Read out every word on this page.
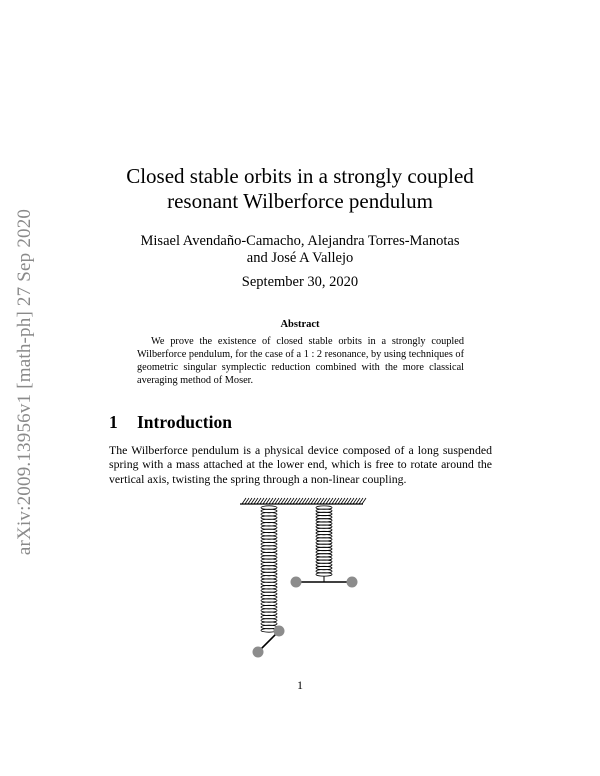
arXiv:2009.13956v1 [math-ph] 27 Sep 2020
Closed stable orbits in a strongly coupled
resonant Wilberforce pendulum
Misael Avendaño-Camacho, Alejandra Torres-Manotas
and José A Vallejo
September 30, 2020
Abstract

We prove the existence of closed stable orbits in a strongly coupled Wilberforce pendulum, for the case of a 1 : 2 resonance, by using techniques of geometric singular symplectic reduction combined with the more classical averaging method of Moser.

1 Introduction

The Wilberforce pendulum is a physical device composed of a long suspended spring with a mass attached at the lower end, which is free to rotate around the vertical axis, twisting the spring through a non-linear coupling.

1
